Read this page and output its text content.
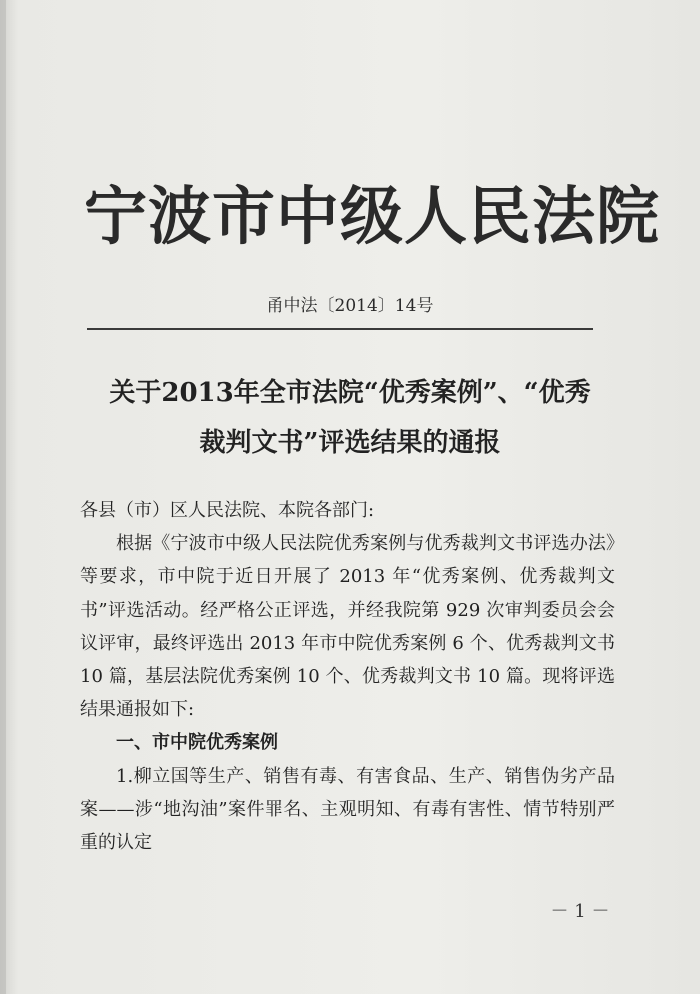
宁波市中级人民法院
甬中法〔2014〕14号
关于2013年全市法院“优秀案例”、“优秀
裁判文书”评选结果的通报

各县（市）区人民法院、本院各部门:

根据《宁波市中级人民法院优秀案例与优秀裁判文书评选办法》等要求，市中院于近日开展了 2013 年“优秀案例、优秀裁判文书”评选活动。经严格公正评选，并经我院第 929 次审判委员会会议评审，最终评选出 2013 年市中院优秀案例 6 个、优秀裁判文书 10 篇，基层法院优秀案例 10 个、优秀裁判文书 10 篇。现将评选结果通报如下:

一、市中院优秀案例

1.柳立国等生产、销售有毒、有害食品、生产、销售伪劣产品案——涉“地沟油”案件罪名、主观明知、有毒有害性、情节特别严重的认定

－ 1 －
